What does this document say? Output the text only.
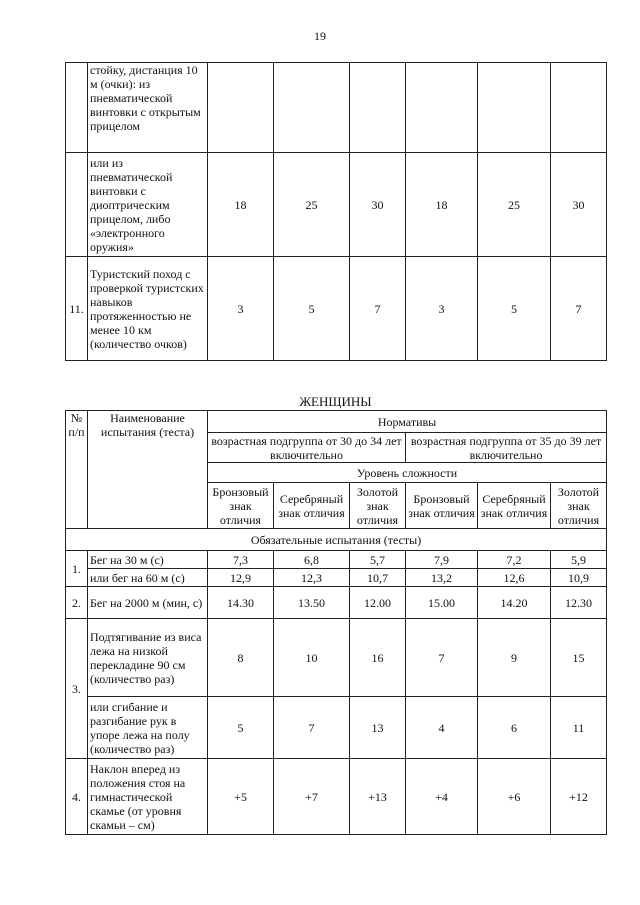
19
	стойку, дистанция 10 м (очки): из пневматической винтовки с открытым прицелом						
	или из пневматической винтовки с диоптрическим прицелом, либо «электроннoго оружия»	18	25	30	18	25	30
11.	Туристский поход с проверкой туристских навыков протяженностью не менее 10 км (количество очков)	3	5	7	3	5	7
ЖЕНЩИНЫ
№ п/п	Наименование испытания (теста)	Нормативы					
		возрастная подгруппа от 30 до 34 лет включительно			возрастная подгруппа от 35 до 39 лет включительно		
		Уровень сложности					
		Бронзовый знак отличия	Серебряный знак отличия	Золотой знак отличия	Бронзовый знак отличия	Серебряный знак отличия	Золотой знак отличия
Обязательные испытания (тесты)							
1.	Бег на 30 м (с)	7,3	6,8	5,7	7,9	7,2	5,9
	или бег на 60 м (с)	12,9	12,3	10,7	13,2	12,6	10,9
2.	Бег на 2000 м (мин, с)	14.30	13.50	12.00	15.00	14.20	12.30
3.	Подтягивание из виса лежа на низкой перекладине 90 см (количество раз)	8	10	16	7	9	15
	или сгибание и разгибание рук в упоре лежа на полу (количество раз)	5	7	13	4	6	11
4.	Наклон вперед из положения стоя на гимнастической скамье (от уровня скамьи – см)	+5	+7	+13	+4	+6	+12
